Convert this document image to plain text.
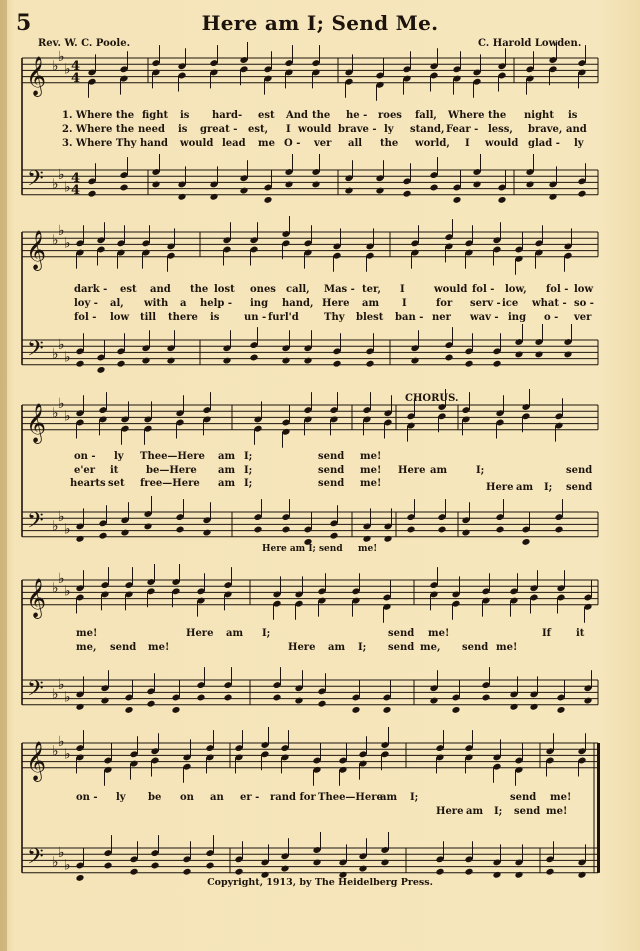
5	Here am I; Send Me.
Rev. W. C. Poole.	C. Harold Lowden.
𝄞
𝄢
♭
♭
♭
♭
♭
♭
4
4
4
4
𝄞
𝄢
♭
♭
♭
♭
♭
♭
𝄞
𝄢
♭
♭
♭
♭
♭
♭
𝄞
𝄢
♭
♭
♭
♭
♭
♭
𝄞
𝄢
♭
♭
♭
♭
♭
♭

1. Where the fight is hard- est And the he - roes fall, Where the night is

2. Where the need is great - est, I would brave - ly stand, Fear - less, brave, and

3. Where Thy hand would lead me O - ver all the world, I would glad - ly

dark - est and the lost ones call, Mas - ter, I	would fol - low, fol - low

loy - al, with a help - ing hand, Here am I	for serv - ice what - so -

fol - low till there is un - furl'd	Thy blest ban - ner wav - ing o - ver

CHORUS.

on - ly Thee—Here am I;	send me!

e'er it	be—Here am I;	send me! Here am	I;	send

hearts set free—Here am I;	send me!

	Here am I; send

Here am I; send me!

me!	Here am I;	send me!	If	it

me, send me!	Here am I; send me, send me!

on - ly be on an er - rand for Thee—Here
am I;	send me!

Here am I; send me!

Copyright, 1913, by The Heidelberg Press.
